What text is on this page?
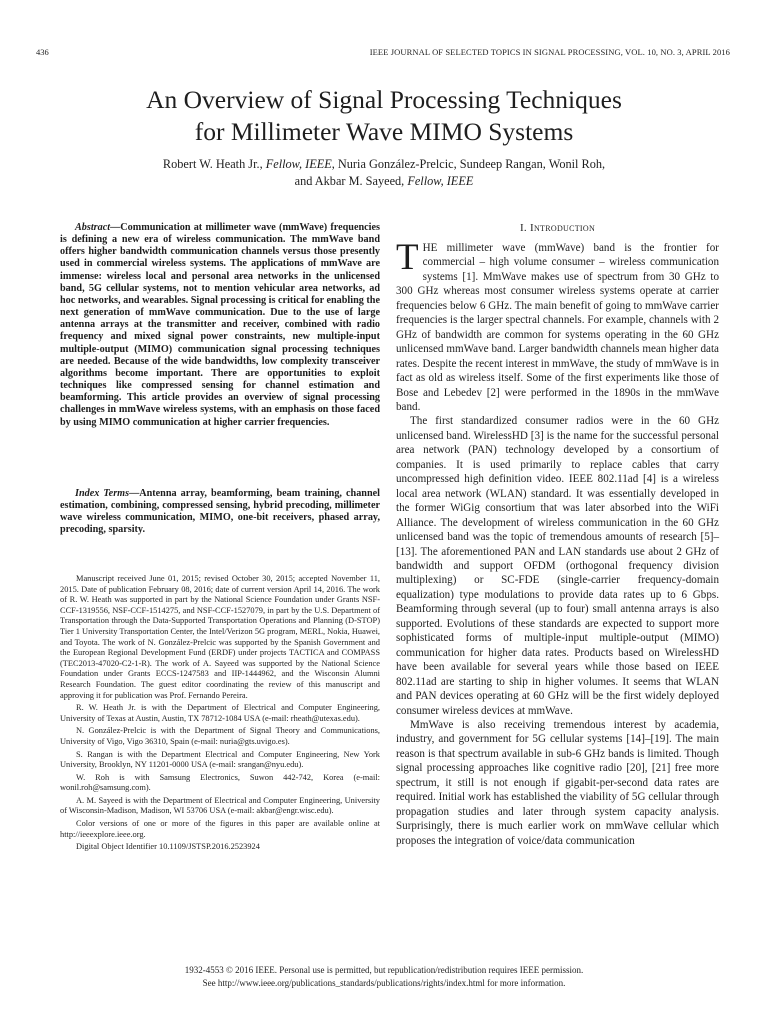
436	IEEE JOURNAL OF SELECTED TOPICS IN SIGNAL PROCESSING, VOL. 10, NO. 3, APRIL 2016
An Overview of Signal Processing Techniques
for Millimeter Wave MIMO Systems
Robert W. Heath Jr., Fellow, IEEE, Nuria González-Prelcic, Sundeep Rangan, Wonil Roh,
and Akbar M. Sayeed, Fellow, IEEE
Abstract—Communication at millimeter wave (mmWave) frequencies is defining a new era of wireless communication. The mmWave band offers higher bandwidth communication channels versus those presently used in commercial wireless systems. The applications of mmWave are immense: wireless local and personal area networks in the unlicensed band, 5G cellular systems, not to mention vehicular area networks, ad hoc networks, and wearables. Signal processing is critical for enabling the next generation of mmWave communication. Due to the use of large antenna arrays at the transmitter and receiver, combined with radio frequency and mixed signal power constraints, new multiple-input multiple-output (MIMO) communication signal processing techniques are needed. Because of the wide bandwidths, low complexity transceiver algorithms become important. There are opportunities to exploit techniques like compressed sensing for channel estimation and beamforming. This article provides an overview of signal processing challenges in mmWave wireless systems, with an emphasis on those faced by using MIMO communication at higher carrier frequencies.
Index Terms—Antenna array, beamforming, beam training, channel estimation, combining, compressed sensing, hybrid precoding, millimeter wave wireless communication, MIMO, one-bit receivers, phased array, precoding, sparsity.

Manuscript received June 01, 2015; revised October 30, 2015; accepted November 11, 2015. Date of publication February 08, 2016; date of current version April 14, 2016. The work of R. W. Heath was supported in part by the National Science Foundation under Grants NSF-CCF-1319556, NSF-CCF-1514275, and NSF-CCF-1527079, in part by the U.S. Department of Transportation through the Data-Supported Transportation Operations and Planning (D-STOP) Tier 1 University Transportation Center, the Intel/Verizon 5G program, MERL, Nokia, Huawei, and Toyota. The work of N. González-Prelcic was supported by the Spanish Government and the European Regional Development Fund (ERDF) under projects TACTICA and COMPASS (TEC2013-47020-C2-1-R). The work of A. Sayeed was supported by the National Science Foundation under Grants ECCS-1247583 and IIP-1444962, and the Wisconsin Alumni Research Foundation. The guest editor coordinating the review of this manuscript and approving it for publication was Prof. Fernando Pereira.

R. W. Heath Jr. is with the Department of Electrical and Computer Engineering, University of Texas at Austin, Austin, TX 78712-1084 USA (e-mail: rheath@utexas.edu).

N. González-Prelcic is with the Department of Signal Theory and Communications, University of Vigo, Vigo 36310, Spain (e-mail: nuria@gts.uvigo.es).

S. Rangan is with the Department Electrical and Computer Engineering, New York University, Brooklyn, NY 11201-0000 USA (e-mail: srangan@nyu.edu).

W. Roh is with Samsung Electronics, Suwon 442-742, Korea (e-mail: wonil.roh@samsung.com).

A. M. Sayeed is with the Department of Electrical and Computer Engineering, University of Wisconsin-Madison, Madison, WI 53706 USA (e-mail: akbar@engr.wisc.edu).

Color versions of one or more of the figures in this paper are available online at http://ieeexplore.ieee.org.

Digital Object Identifier 10.1109/JSTSP.2016.2523924

I. Introduction

THE millimeter wave (mmWave) band is the frontier for commercial – high volume consumer – wireless communication systems [1]. MmWave makes use of spectrum from 30 GHz to 300 GHz whereas most consumer wireless systems operate at carrier frequencies below 6 GHz. The main benefit of going to mmWave carrier frequencies is the larger spectral channels. For example, channels with 2 GHz of bandwidth are common for systems operating in the 60 GHz unlicensed mmWave band. Larger bandwidth channels mean higher data rates. Despite the recent interest in mmWave, the study of mmWave is in fact as old as wireless itself. Some of the first experiments like those of Bose and Lebedev [2] were performed in the 1890s in the mmWave band.

The first standardized consumer radios were in the 60 GHz unlicensed band. WirelessHD [3] is the name for the successful personal area network (PAN) technology developed by a consortium of companies. It is used primarily to replace cables that carry uncompressed high definition video. IEEE 802.11ad [4] is a wireless local area network (WLAN) standard. It was essentially developed in the former WiGig consortium that was later absorbed into the WiFi Alliance. The development of wireless communication in the 60 GHz unlicensed band was the topic of tremendous amounts of research [5]–[13]. The aforementioned PAN and LAN standards use about 2 GHz of bandwidth and support OFDM (orthogonal frequency division multiplexing) or SC-FDE (single-carrier frequency-domain equalization) type modulations to provide data rates up to 6 Gbps. Beamforming through several (up to four) small antenna arrays is also supported. Evolutions of these standards are expected to support more sophisticated forms of multiple-input multiple-output (MIMO) communication for higher data rates. Products based on WirelessHD have been available for several years while those based on IEEE 802.11ad are starting to ship in higher volumes. It seems that WLAN and PAN devices operating at 60 GHz will be the first widely deployed consumer wireless devices at mmWave.

MmWave is also receiving tremendous interest by academia, industry, and government for 5G cellular systems [14]–[19]. The main reason is that spectrum available in sub-6 GHz bands is limited. Though signal processing approaches like cognitive radio [20], [21] free more spectrum, it still is not enough if gigabit-per-second data rates are required. Initial work has established the viability of 5G cellular through propagation studies and later through system capacity analysis. Surprisingly, there is much earlier work on mmWave cellular which proposes the integration of voice/data communication

1932-4553 © 2016 IEEE. Personal use is permitted, but republication/redistribution requires IEEE permission.
See http://www.ieee.org/publications_standards/publications/rights/index.html for more information.
